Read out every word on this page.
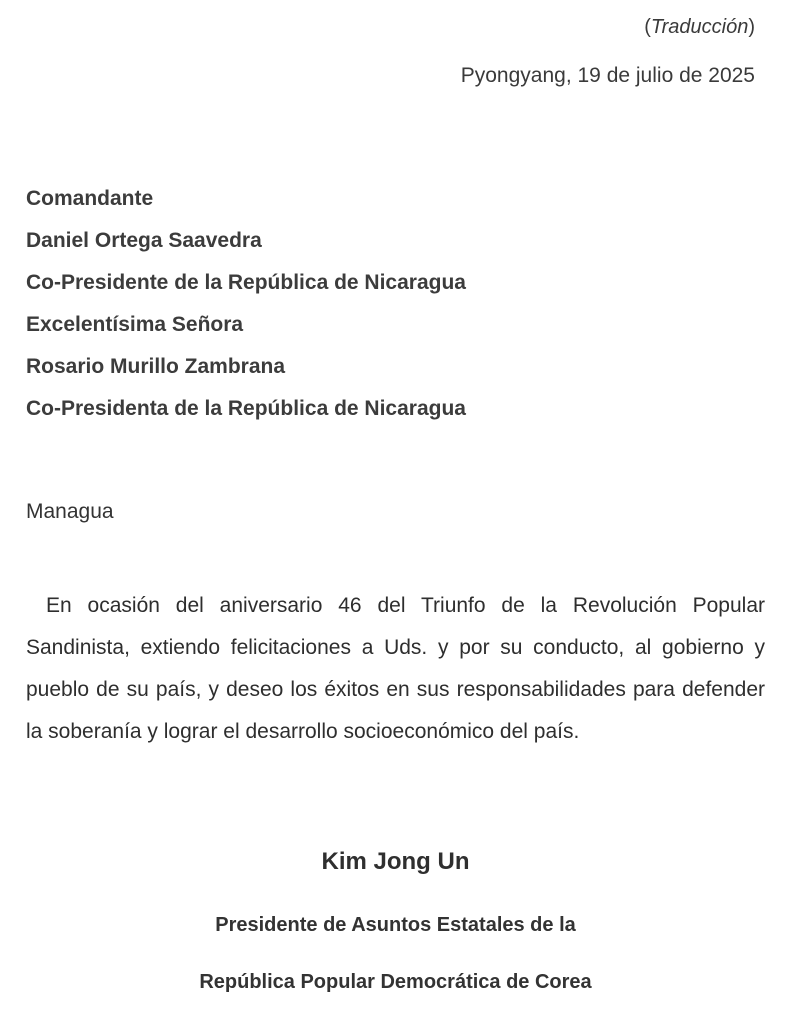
(Traducción)
Pyongyang, 19 de julio de 2025
Comandante
Daniel Ortega Saavedra
Co-Presidente de la República de Nicaragua
Excelentísima Señora
Rosario Murillo Zambrana
Co-Presidenta de la República de Nicaragua
Managua
En ocasión del aniversario 46 del Triunfo de la Revolución Popular Sandinista, extiendo felicitaciones a Uds. y por su conducto, al gobierno y pueblo de su país, y deseo los éxitos en sus responsabilidades para defender la soberanía y lograr el desarrollo socioeconómico del país.
Kim Jong Un
Presidente de Asuntos Estatales de la
República Popular Democrática de Corea
